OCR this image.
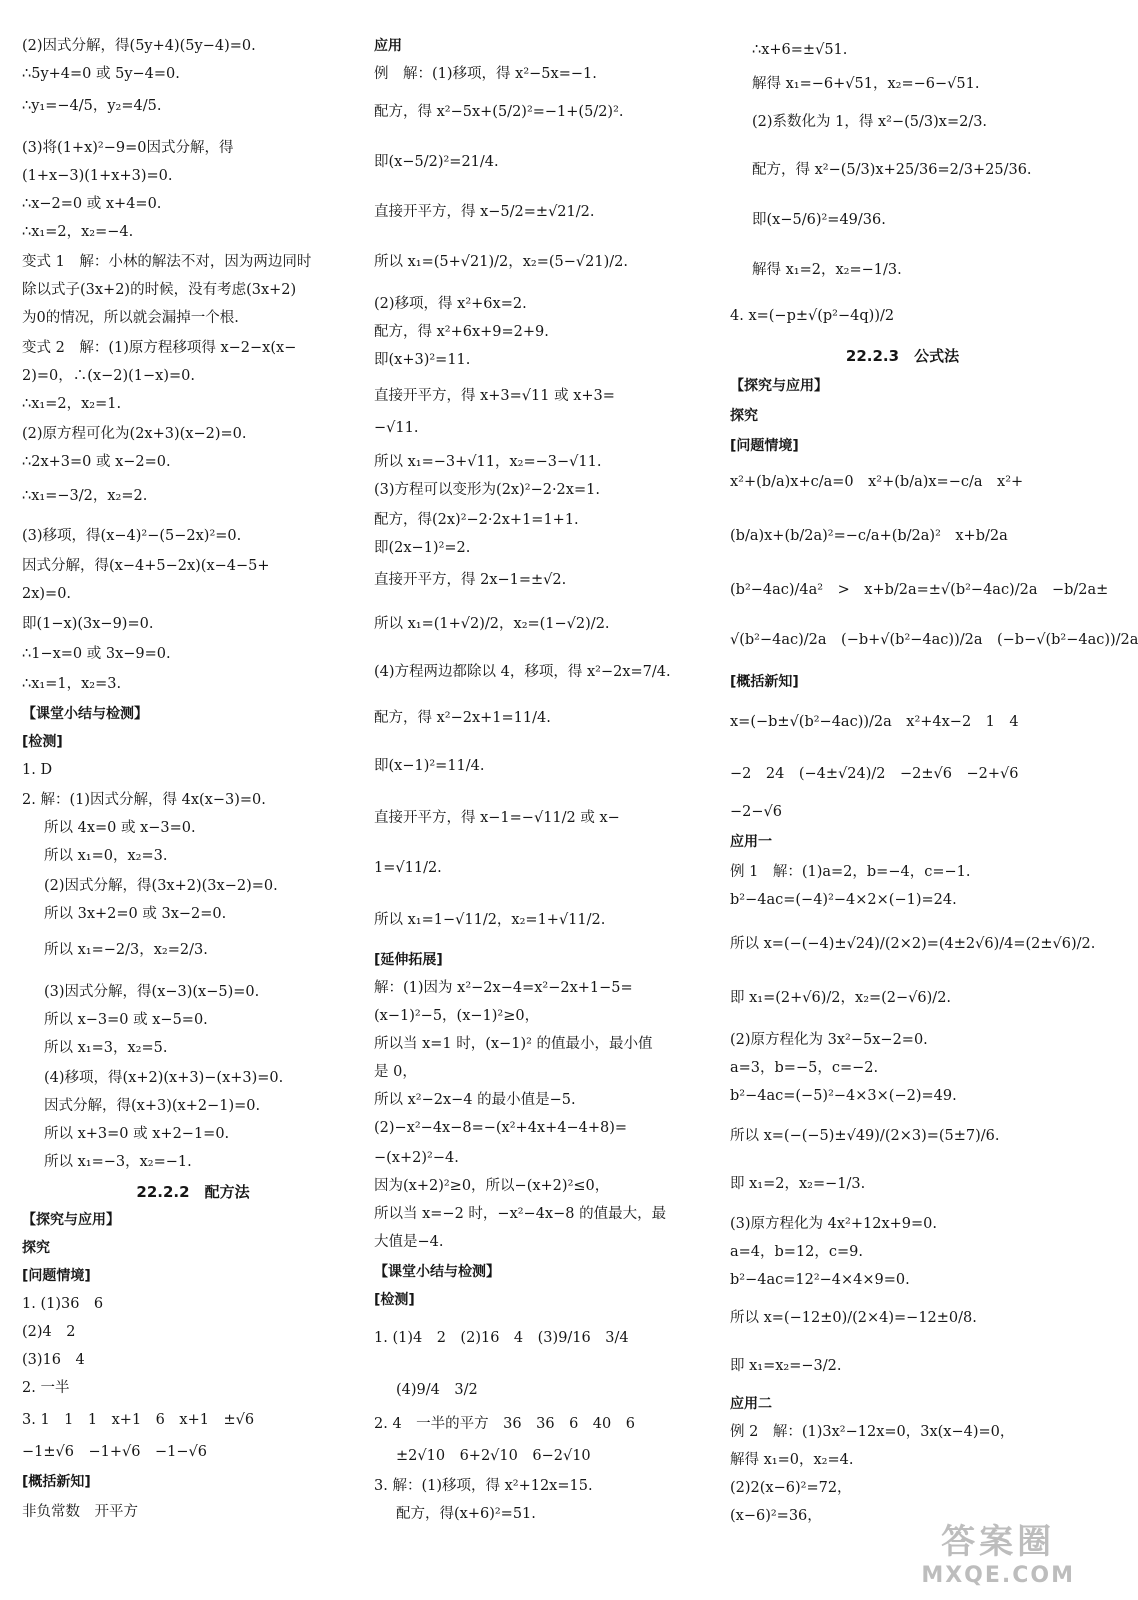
(2)因式分解，得(5y+4)(5y−4)=0.
∴5y+4=0 或 5y−4=0.
∴y₁=−4/5，y₂=4/5.
(3)将(1+x)²−9=0因式分解，得
(1+x−3)(1+x+3)=0.
∴x−2=0 或 x+4=0.
∴x₁=2，x₂=−4.
变式 1　解：小林的解法不对，因为两边同时
除以式子(3x+2)的时候，没有考虑(3x+2)
为0的情况，所以就会漏掉一个根.
变式 2　解：(1)原方程移项得 x−2−x(x−
2)=0，∴(x−2)(1−x)=0.
∴x₁=2，x₂=1.
(2)原方程可化为(2x+3)(x−2)=0.
∴2x+3=0 或 x−2=0.
∴x₁=−3/2，x₂=2.
(3)移项，得(x−4)²−(5−2x)²=0.
因式分解，得(x−4+5−2x)(x−4−5+
2x)=0.
即(1−x)(3x−9)=0.
∴1−x=0 或 3x−9=0.
∴x₁=1，x₂=3.
【课堂小结与检测】
[检测]
1. D
2. 解：(1)因式分解，得 4x(x−3)=0.
所以 4x=0 或 x−3=0.
所以 x₁=0，x₂=3.
(2)因式分解，得(3x+2)(3x−2)=0.
所以 3x+2=0 或 3x−2=0.
所以 x₁=−2/3，x₂=2/3.
(3)因式分解，得(x−3)(x−5)=0.
所以 x−3=0 或 x−5=0.
所以 x₁=3，x₂=5.
(4)移项，得(x+2)(x+3)−(x+3)=0.
因式分解，得(x+3)(x+2−1)=0.
所以 x+3=0 或 x+2−1=0.
所以 x₁=−3，x₂=−1.
22.2.2　配方法
【探究与应用】
探究
[问题情境]
1. (1)36　6
(2)4　2
(3)16　4
2. 一半
3. 1　1　1　x+1　6　x+1　±√6
−1±√6　−1+√6　−1−√6
[概括新知]
非负常数　开平方
应用
例　解：(1)移项，得 x²−5x=−1.
配方，得 x²−5x+(5/2)²=−1+(5/2)².
即(x−5/2)²=21/4.
直接开平方，得 x−5/2=±√21/2.
所以 x₁=(5+√21)/2，x₂=(5−√21)/2.
(2)移项，得 x²+6x=2.
配方，得 x²+6x+9=2+9.
即(x+3)²=11.
直接开平方，得 x+3=√11 或 x+3=
−√11.
所以 x₁=−3+√11，x₂=−3−√11.
(3)方程可以变形为(2x)²−2·2x=1.
配方，得(2x)²−2·2x+1=1+1.
即(2x−1)²=2.
直接开平方，得 2x−1=±√2.
所以 x₁=(1+√2)/2，x₂=(1−√2)/2.
(4)方程两边都除以 4，移项，得 x²−2x=7/4.
配方，得 x²−2x+1=11/4.
即(x−1)²=11/4.
直接开平方，得 x−1=−√11/2 或 x−
1=√11/2.
所以 x₁=1−√11/2，x₂=1+√11/2.
[延伸拓展]
解：(1)因为 x²−2x−4=x²−2x+1−5=
(x−1)²−5，(x−1)²≥0，
所以当 x=1 时，(x−1)² 的值最小，最小值
是 0，
所以 x²−2x−4 的最小值是−5.
(2)−x²−4x−8=−(x²+4x+4−4+8)=
−(x+2)²−4.
因为(x+2)²≥0，所以−(x+2)²≤0，
所以当 x=−2 时，−x²−4x−8 的值最大，最
大值是−4.
【课堂小结与检测】
[检测]
1. (1)4　2　(2)16　4　(3)9/16　3/4
(4)9/4　3/2
2. 4　一半的平方　36　36　6　40　6
±2√10　6+2√10　6−2√10
3. 解：(1)移项，得 x²+12x=15.
配方，得(x+6)²=51.
∴x+6=±√51.
解得 x₁=−6+√51，x₂=−6−√51.
(2)系数化为 1，得 x²−(5/3)x=2/3.
配方，得 x²−(5/3)x+25/36=2/3+25/36.
即(x−5/6)²=49/36.
解得 x₁=2，x₂=−1/3.
4. x=(−p±√(p²−4q))/2
22.2.3　公式法
【探究与应用】
探究
[问题情境]
x²+(b/a)x+c/a=0　x²+(b/a)x=−c/a　x²+
(b/a)x+(b/2a)²=−c/a+(b/2a)²　x+b/2a
(b²−4ac)/4a²　>　x+b/2a=±√(b²−4ac)/2a　−b/2a±
√(b²−4ac)/2a　(−b+√(b²−4ac))/2a　(−b−√(b²−4ac))/2a
[概括新知]
x=(−b±√(b²−4ac))/2a　x²+4x−2　1　4
−2　24　(−4±√24)/2　−2±√6　−2+√6
−2−√6
应用一
例 1　解：(1)a=2，b=−4，c=−1.
b²−4ac=(−4)²−4×2×(−1)=24.
所以 x=(−(−4)±√24)/(2×2)=(4±2√6)/4=(2±√6)/2.
即 x₁=(2+√6)/2，x₂=(2−√6)/2.
(2)原方程化为 3x²−5x−2=0.
a=3，b=−5，c=−2.
b²−4ac=(−5)²−4×3×(−2)=49.
所以 x=(−(−5)±√49)/(2×3)=(5±7)/6.
即 x₁=2，x₂=−1/3.
(3)原方程化为 4x²+12x+9=0.
a=4，b=12，c=9.
b²−4ac=12²−4×4×9=0.
所以 x=(−12±0)/(2×4)=−12±0/8.
即 x₁=x₂=−3/2.
应用二
例 2　解：(1)3x²−12x=0，3x(x−4)=0，
解得 x₁=0，x₂=4.
(2)2(x−6)²=72，
(x−6)²=36，
答案圈
MXQE.COM
